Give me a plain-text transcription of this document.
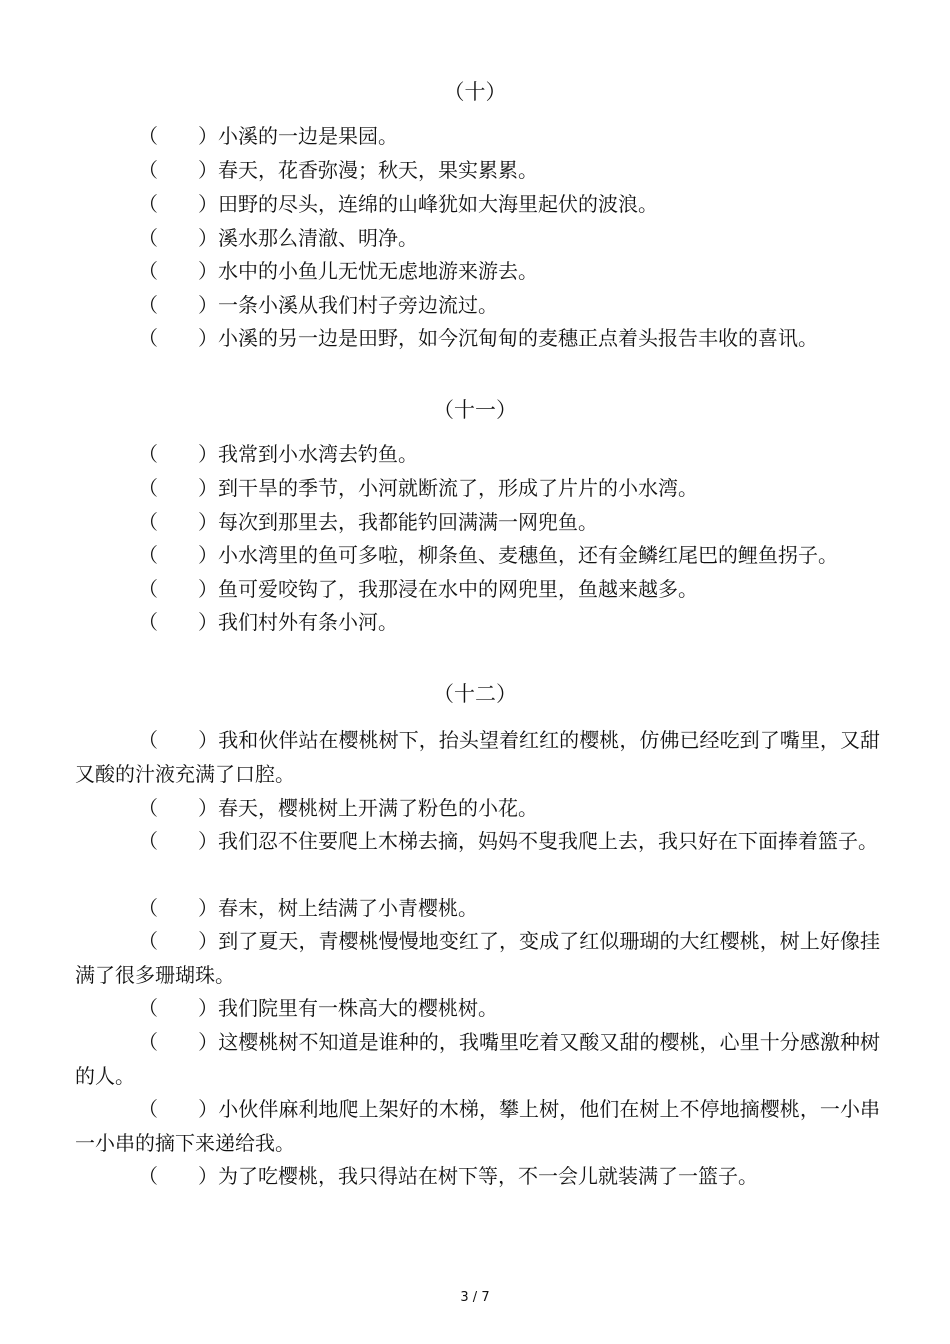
（十）
（　　）小溪的一边是果园。
（　　）春天，花香弥漫；秋天，果实累累。
（　　）田野的尽头，连绵的山峰犹如大海里起伏的波浪。
（　　）溪水那么清澈、明净。
（　　）水中的小鱼儿无忧无虑地游来游去。
（　　）一条小溪从我们村子旁边流过。
（　　）小溪的另一边是田野，如今沉甸甸的麦穗正点着头报告丰收的喜讯。
（十一）
（　　）我常到小水湾去钓鱼。
（　　）到干旱的季节，小河就断流了，形成了片片的小水湾。
（　　）每次到那里去，我都能钓回满满一网兜鱼。
（　　）小水湾里的鱼可多啦，柳条鱼、麦穗鱼，还有金鳞红尾巴的鲤鱼拐子。
（　　）鱼可爱咬钩了，我那浸在水中的网兜里，鱼越来越多。
（　　）我们村外有条小河。
（十二）
（　　）我和伙伴站在樱桃树下，抬头望着红红的樱桃，仿佛已经吃到了嘴里，又甜又酸的汁液充满了口腔。
（　　）春天，樱桃树上开满了粉色的小花。
（　　）我们忍不住要爬上木梯去摘，妈妈不叟我爬上去，我只好在下面捧着篮子。
（　　）春末，树上结满了小青樱桃。
（　　）到了夏天，青樱桃慢慢地变红了，变成了红似珊瑚的大红樱桃，树上好像挂满了很多珊瑚珠。
（　　）我们院里有一株高大的樱桃树。
（　　）这樱桃树不知道是谁种的，我嘴里吃着又酸又甜的樱桃，心里十分感激种树的人。
（　　）小伙伴麻利地爬上架好的木梯，攀上树，他们在树上不停地摘樱桃，一小串一小串的摘下来递给我。
（　　）为了吃樱桃，我只得站在树下等，不一会儿就装满了一篮子。
3 / 7
